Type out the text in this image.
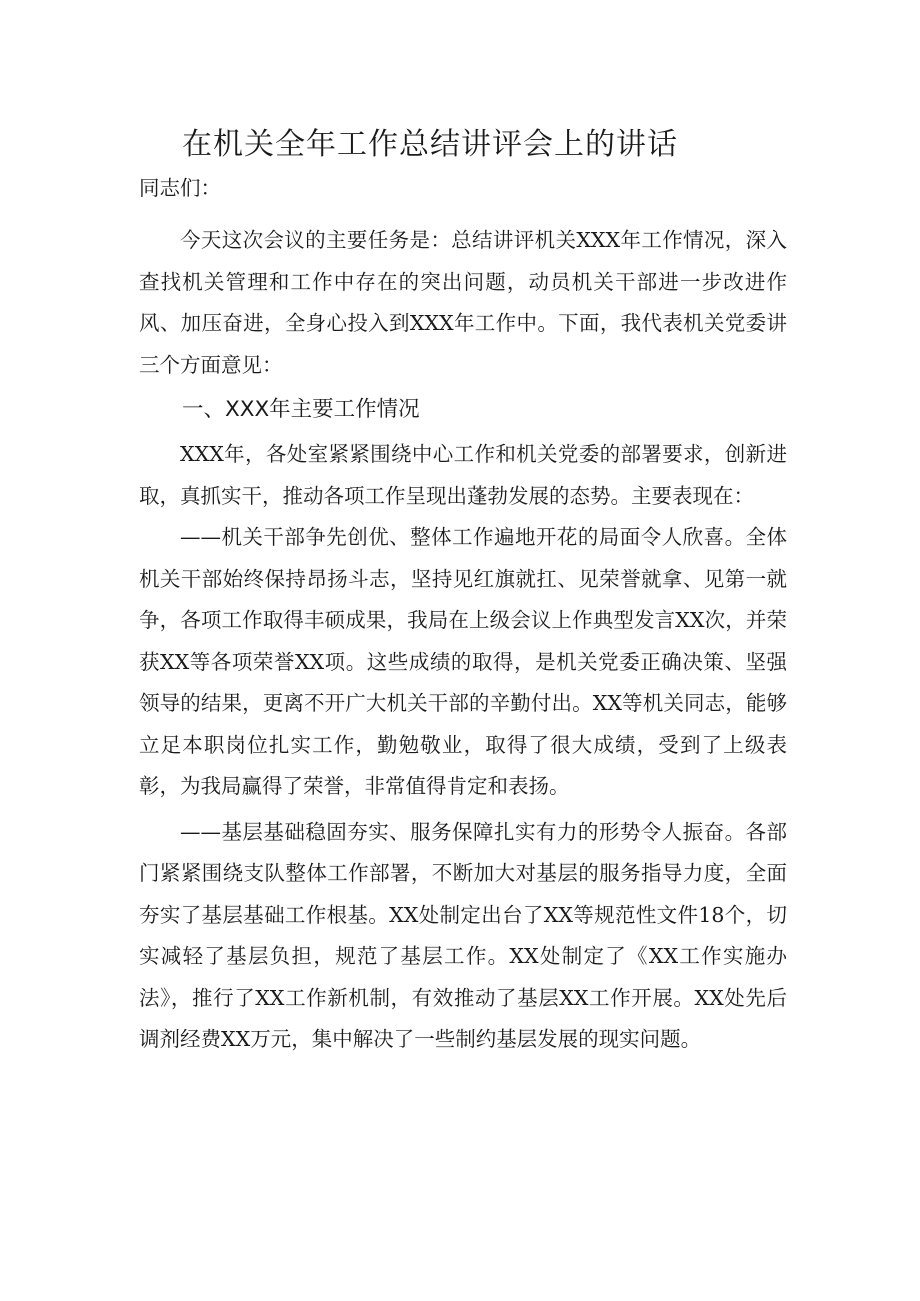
在机关全年工作总结讲评会上的讲话

同志们：

今天这次会议的主要任务是：总结讲评机关XXX年工作情况，深入查找机关管理和工作中存在的突出问题，动员机关干部进一步改进作风、加压奋进，全身心投入到XXX年工作中。下面，我代表机关党委讲三个方面意见：

一、XXX年主要工作情况

XXX年，各处室紧紧围绕中心工作和机关党委的部署要求，创新进取，真抓实干，推动各项工作呈现出蓬勃发展的态势。主要表现在：

——机关干部争先创优、整体工作遍地开花的局面令人欣喜。全体机关干部始终保持昂扬斗志，坚持见红旗就扛、见荣誉就拿、见第一就争，各项工作取得丰硕成果，我局在上级会议上作典型发言XX次，并荣获XX等各项荣誉XX项。这些成绩的取得，是机关党委正确决策、坚强领导的结果，更离不开广大机关干部的辛勤付出。XX等机关同志，能够立足本职岗位扎实工作，勤勉敬业，取得了很大成绩，受到了上级表彰，为我局赢得了荣誉，非常值得肯定和表扬。

——基层基础稳固夯实、服务保障扎实有力的形势令人振奋。各部门紧紧围绕支队整体工作部署，不断加大对基层的服务指导力度，全面夯实了基层基础工作根基。XX处制定出台了XX等规范性文件18个，切实减轻了基层负担，规范了基层工作。XX处制定了《XX工作实施办法》，推行了XX工作新机制，有效推动了基层XX工作开展。XX处先后调剂经费XX万元，集中解决了一些制约基层发展的现实问题。
